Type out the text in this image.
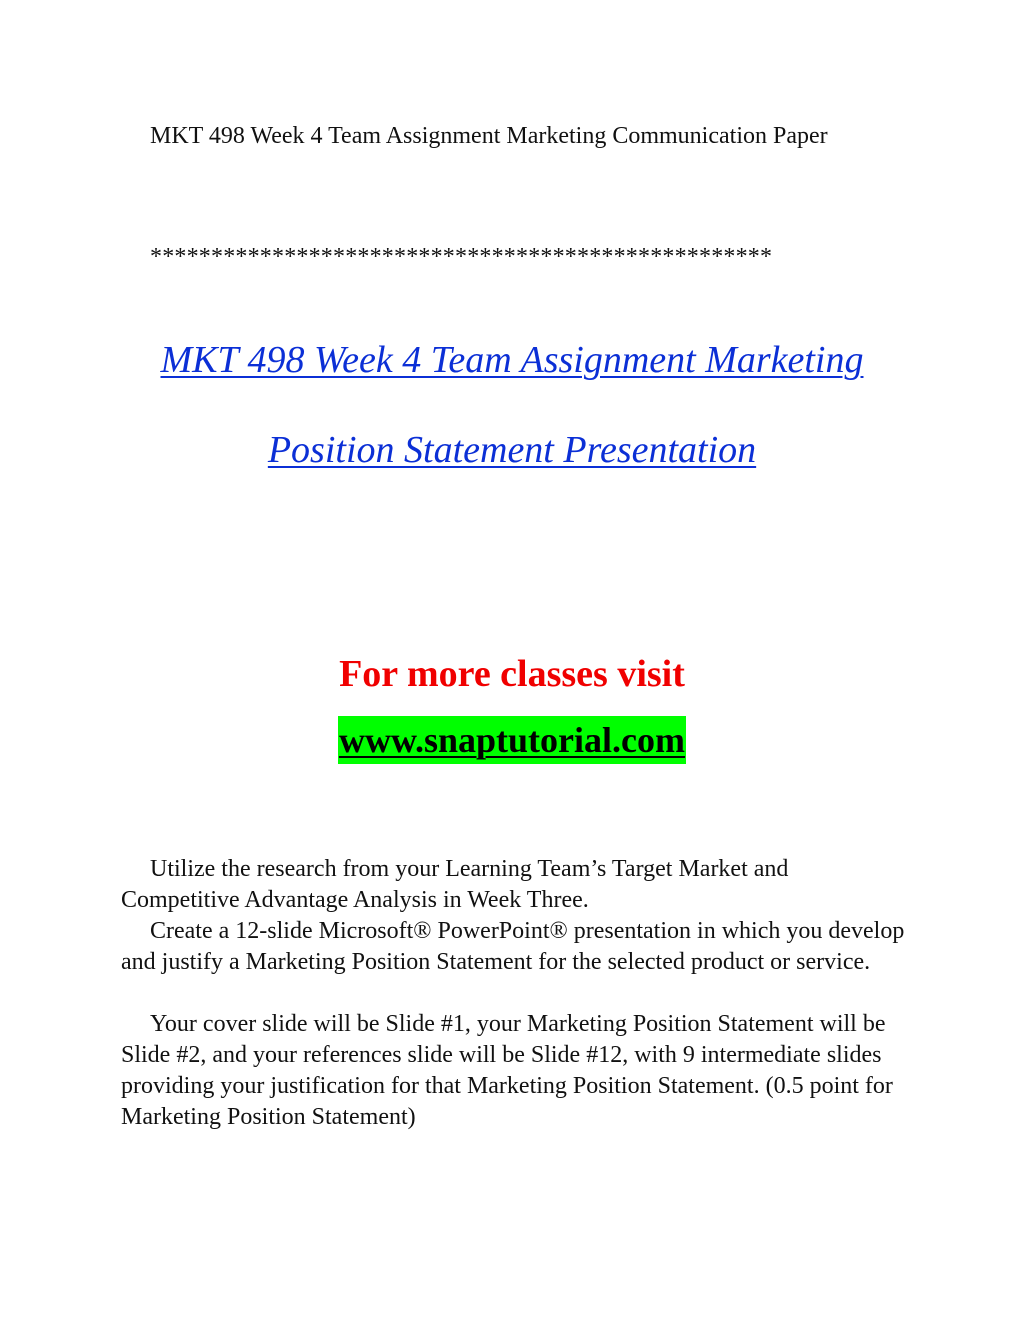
MKT 498 Week 4 Team Assignment Marketing Communication Paper

***************************************************

MKT 498 Week 4 Team Assignment Marketing

Position Statement Presentation

For more classes visit

www.snaptutorial.com

Utilize the research from your Learning Team’s Target Market and Competitive Advantage Analysis in Week Three.

Create a 12-slide Microsoft® PowerPoint® presentation in which you develop and justify a Marketing Position Statement for the selected product or service.

Your cover slide will be Slide #1, your Marketing Position Statement will be Slide #2, and your references slide will be Slide #12, with 9 intermediate slides providing your justification for that Marketing Position Statement. (0.5 point for Marketing Position Statement)
